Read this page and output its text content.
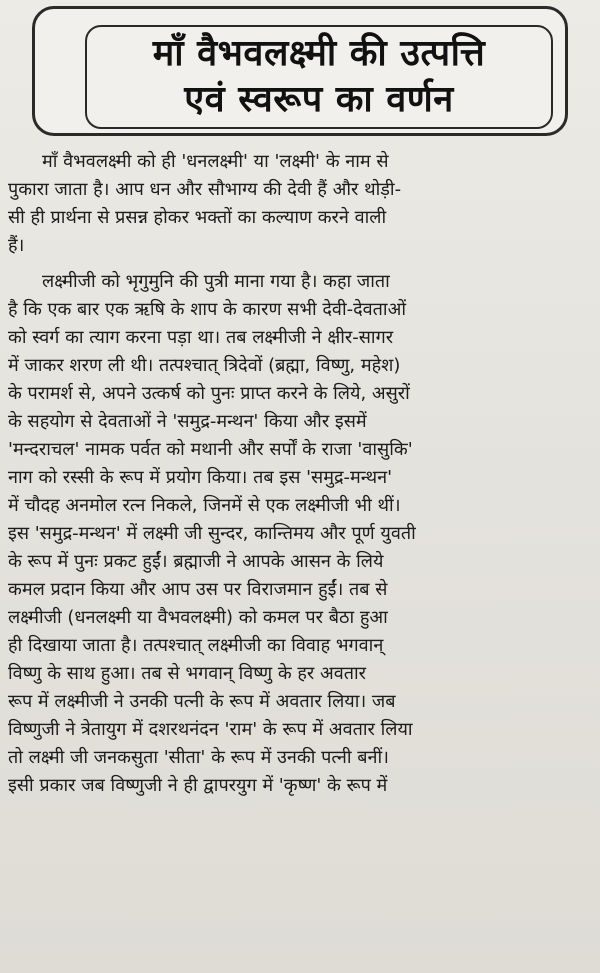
माँ वैभवलक्ष्मी की उत्पत्ति
एवं स्वरूप का वर्णन

माँ वैभवलक्ष्मी को ही 'धनलक्ष्मी' या 'लक्ष्मी' के नाम से
पुकारा जाता है। आप धन और सौभाग्य की देवी हैं और थोड़ी-
सी ही प्रार्थना से प्रसन्न होकर भक्तों का कल्याण करने वाली
हैं।

लक्ष्मीजी को भृगुमुनि की पुत्री माना गया है। कहा जाता
है कि एक बार एक ऋषि के शाप के कारण सभी देवी-देवताओं
को स्वर्ग का त्याग करना पड़ा था। तब लक्ष्मीजी ने क्षीर-सागर
में जाकर शरण ली थी। तत्पश्चात् त्रिदेवों (ब्रह्मा, विष्णु, महेश)
के परामर्श से, अपने उत्कर्ष को पुनः प्राप्त करने के लिये, असुरों
के सहयोग से देवताओं ने 'समुद्र-मन्थन' किया और इसमें
'मन्दराचल' नामक पर्वत को मथानी और सर्पों के राजा 'वासुकि'
नाग को रस्सी के रूप में प्रयोग किया। तब इस 'समुद्र-मन्थन'
में चौदह अनमोल रत्न निकले, जिनमें से एक लक्ष्मीजी भी थीं।
इस 'समुद्र-मन्थन' में लक्ष्मी जी सुन्दर, कान्तिमय और पूर्ण युवती
के रूप में पुनः प्रकट हुईं। ब्रह्माजी ने आपके आसन के लिये
कमल प्रदान किया और आप उस पर विराजमान हुईं। तब से
लक्ष्मीजी (धनलक्ष्मी या वैभवलक्ष्मी) को कमल पर बैठा हुआ
ही दिखाया जाता है। तत्पश्चात् लक्ष्मीजी का विवाह भगवान्
विष्णु के साथ हुआ। तब से भगवान् विष्णु के हर अवतार
रूप में लक्ष्मीजी ने उनकी पत्नी के रूप में अवतार लिया। जब
विष्णुजी ने त्रेतायुग में दशरथनंदन 'राम' के रूप में अवतार लिया
तो लक्ष्मी जी जनकसुता 'सीता' के रूप में उनकी पत्नी बनीं।
इसी प्रकार जब विष्णुजी ने ही द्वापरयुग में 'कृष्ण' के रूप में
